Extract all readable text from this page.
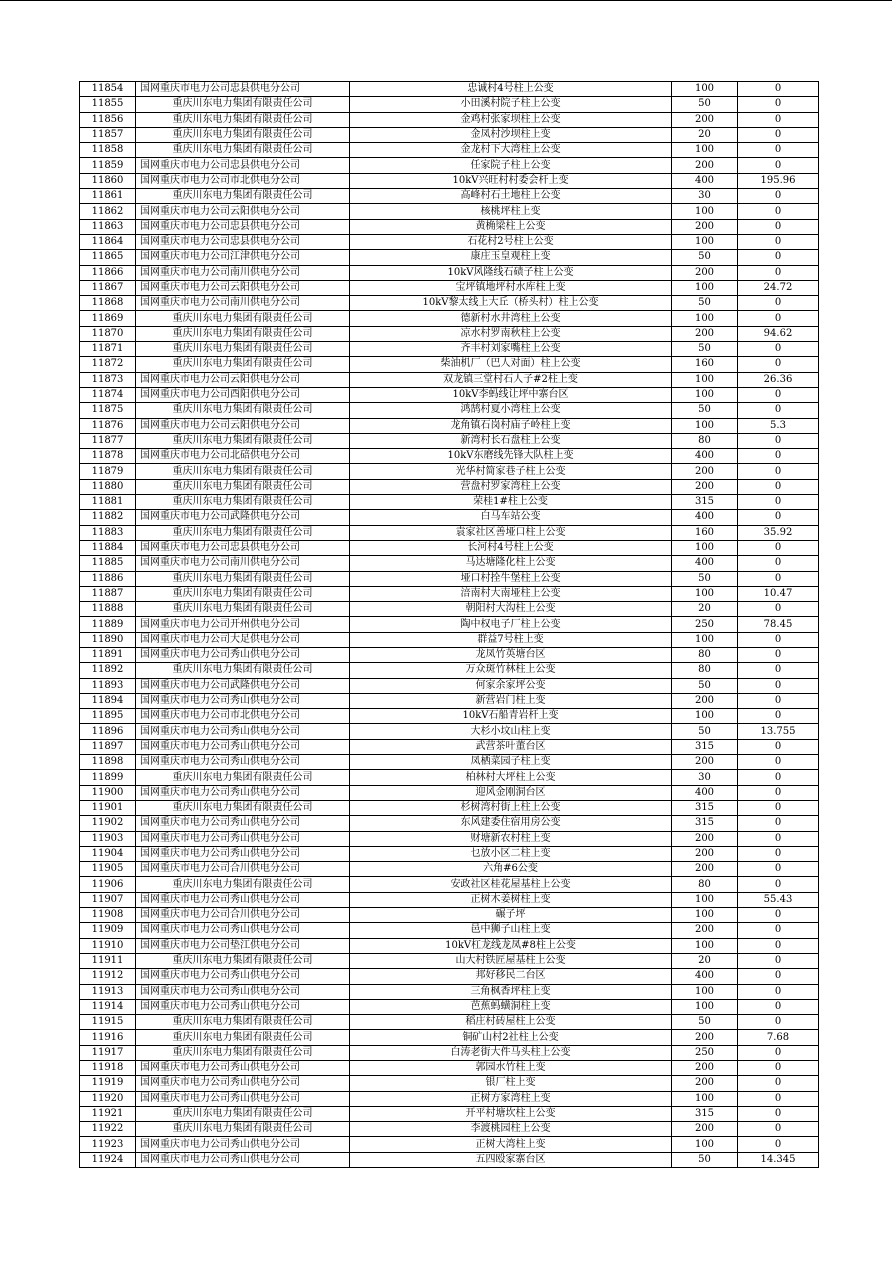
11854	国网重庆市电力公司忠县供电分公司	忠诚村4号柱上公变	100	0
11855	重庆川东电力集团有限责任公司	小田溪村院子柱上公变	50	0
11856	重庆川东电力集团有限责任公司	金鸡村张家坝柱上公变	200	0
11857	重庆川东电力集团有限责任公司	金凤村沙坝柱上变	20	0
11858	重庆川东电力集团有限责任公司	金龙村下大湾柱上公变	100	0
11859	国网重庆市电力公司忠县供电分公司	任家院子柱上公变	200	0
11860	国网重庆市电力公司市北供电分公司	10kV兴旺村村委会杆上变	400	195.96
11861	重庆川东电力集团有限责任公司	高峰村石土地柱上公变	30	0
11862	国网重庆市电力公司云阳供电分公司	核桃坪柱上变	100	0
11863	国网重庆市电力公司忠县供电分公司	黄桷梁柱上公变	200	0
11864	国网重庆市电力公司忠县供电分公司	石花村2号柱上公变	100	0
11865	国网重庆市电力公司江津供电分公司	康庄玉皇观柱上变	50	0
11866	国网重庆市电力公司南川供电分公司	10kV风隆线石碛子柱上公变	200	0
11867	国网重庆市电力公司云阳供电分公司	宝坪镇地坪村水库柱上变	100	24.72
11868	国网重庆市电力公司南川供电分公司	10kV黎太线上大丘（桥头村）柱上公变	50	0
11869	重庆川东电力集团有限责任公司	德新村水井湾柱上公变	100	0
11870	重庆川东电力集团有限责任公司	凉水村罗南秋柱上公变	200	94.62
11871	重庆川东电力集团有限责任公司	齐丰村刘家嘴柱上公变	50	0
11872	重庆川东电力集团有限责任公司	柴油机厂（巴人对面）柱上公变	160	0
11873	国网重庆市电力公司云阳供电分公司	双龙镇三堂村石人子#2柱上变	100	26.36
11874	国网重庆市电力公司酉阳供电分公司	10kV李蚂线让坪中寨台区	100	0
11875	重庆川东电力集团有限责任公司	鸿鹄村夏小湾柱上公变	50	0
11876	国网重庆市电力公司云阳供电分公司	龙角镇石岗村庙子岭柱上变	100	5.3
11877	重庆川东电力集团有限责任公司	新湾村长石盘柱上公变	80	0
11878	国网重庆市电力公司北碚供电分公司	10kV东磨线先锋大队柱上变	400	0
11879	重庆川东电力集团有限责任公司	光华村简家巷子柱上公变	200	0
11880	重庆川东电力集团有限责任公司	营盘村罗家湾柱上公变	200	0
11881	重庆川东电力集团有限责任公司	荣桂1#柱上公变	315	0
11882	国网重庆市电力公司武隆供电分公司	白马车站公变	400	0
11883	重庆川东电力集团有限责任公司	袁家社区善垭口柱上公变	160	35.92
11884	国网重庆市电力公司忠县供电分公司	长河村4号柱上公变	100	0
11885	国网重庆市电力公司南川供电分公司	马达塘隆化柱上公变	400	0
11886	重庆川东电力集团有限责任公司	垭口村拴牛堡柱上公变	50	0
11887	重庆川东电力集团有限责任公司	涪南村大南垭柱上公变	100	10.47
11888	重庆川东电力集团有限责任公司	朝阳村大沟柱上公变	20	0
11889	国网重庆市电力公司开州供电分公司	陶中权电子厂柱上公变	250	78.45
11890	国网重庆市电力公司大足供电分公司	群益7号柱上变	100	0
11891	国网重庆市电力公司秀山供电分公司	龙凤竹英塘台区	80	0
11892	重庆川东电力集团有限责任公司	万众斑竹林柱上公变	80	0
11893	国网重庆市电力公司武隆供电分公司	何家余家坪公变	50	0
11894	国网重庆市电力公司秀山供电分公司	新营岩门柱上变	200	0
11895	国网重庆市电力公司市北供电分公司	10kV石船青岩杆上变	100	0
11896	国网重庆市电力公司秀山供电分公司	大杉小坟山柱上变	50	13.755
11897	国网重庆市电力公司秀山供电分公司	武营茶叶董台区	315	0
11898	国网重庆市电力公司秀山供电分公司	凤栖菜园子柱上变	200	0
11899	重庆川东电力集团有限责任公司	柏林村大坪柱上公变	30	0
11900	国网重庆市电力公司秀山供电分公司	迎风金刚洞台区	400	0
11901	重庆川东电力集团有限责任公司	杉树湾村街上柱上公变	315	0
11902	国网重庆市电力公司秀山供电分公司	东风建委住宿用房公变	315	0
11903	国网重庆市电力公司秀山供电分公司	财塘新农村柱上变	200	0
11904	国网重庆市电力公司秀山供电分公司	乜放小区二柱上变	200	0
11905	国网重庆市电力公司合川供电分公司	六角#6公变	200	0
11906	重庆川东电力集团有限责任公司	安政社区桂花屋基柱上公变	80	0
11907	国网重庆市电力公司秀山供电分公司	正树木姜树柱上变	100	55.43
11908	国网重庆市电力公司合川供电分公司	碾子坪	100	0
11909	国网重庆市电力公司秀山供电分公司	邑中狮子山柱上变	200	0
11910	国网重庆市电力公司垫江供电分公司	10kV杠龙线龙凤#8柱上公变	100	0
11911	重庆川东电力集团有限责任公司	山大村铁匠屋基柱上公变	20	0
11912	国网重庆市电力公司秀山供电分公司	邦好移民二台区	400	0
11913	国网重庆市电力公司秀山供电分公司	三角枫香坪柱上变	100	0
11914	国网重庆市电力公司秀山供电分公司	芭蕉蚂蟥洞柱上变	100	0
11915	重庆川东电力集团有限责任公司	稻庄村砖屋柱上公变	50	0
11916	重庆川东电力集团有限责任公司	铜矿山村2社柱上公变	200	7.68
11917	重庆川东电力集团有限责任公司	白涛老街大件马头柱上公变	250	0
11918	国网重庆市电力公司秀山供电分公司	郭园水竹柱上变	200	0
11919	国网重庆市电力公司秀山供电分公司	银厂柱上变	200	0
11920	国网重庆市电力公司秀山供电分公司	正树方家湾柱上变	100	0
11921	重庆川东电力集团有限责任公司	开平村塘坎柱上公变	315	0
11922	重庆川东电力集团有限责任公司	李渡桃园柱上公变	200	0
11923	国网重庆市电力公司秀山供电分公司	正树大湾柱上变	100	0
11924	国网重庆市电力公司秀山供电分公司	五四殴家寨台区	50	14.345
